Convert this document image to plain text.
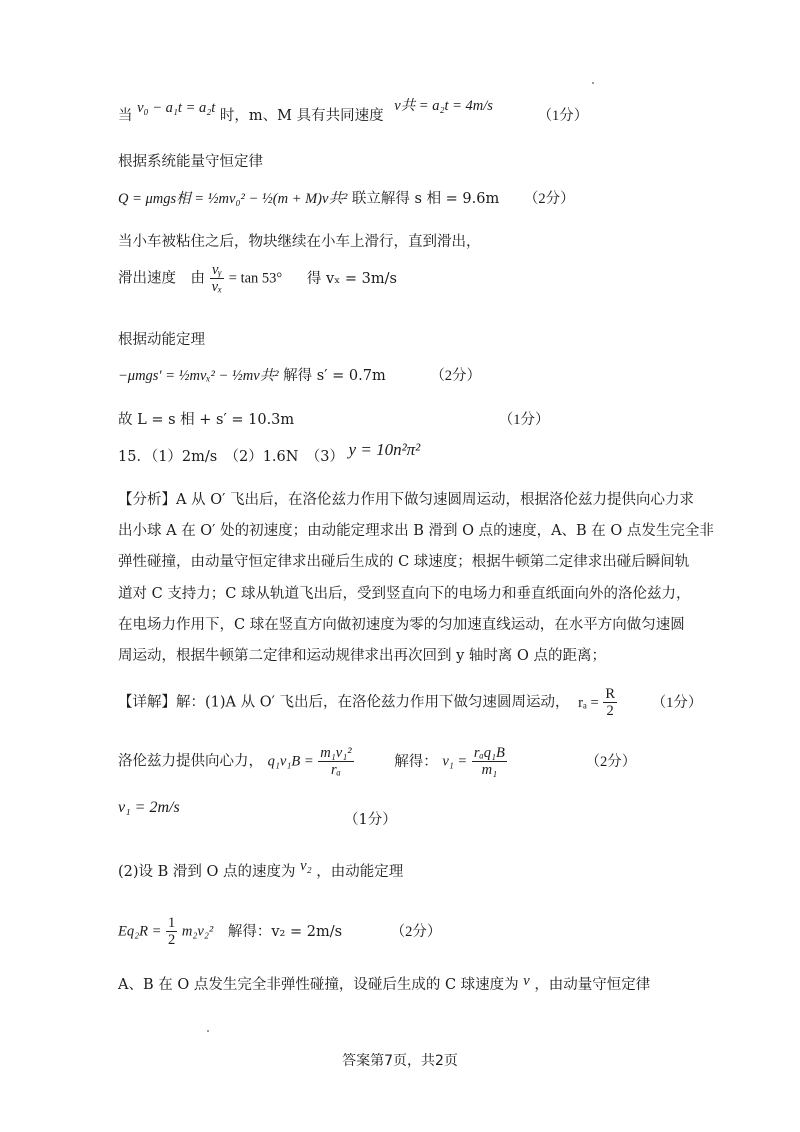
当 v₀ − a₁t = a₂t 时，m、M 具有共同速度 v共 = a₂t = 4m/s （1分）
根据系统能量守恒定律
Q = μmgs相 = ½mv₀² − ½(m + M)v共² 联立解得 s 相 = 9.6m （2分）
当小车被粘住之后，物块继续在小车上滑行，直到滑出，
滑出速度　由 $\frac{\text{vᵧ}}{\text{vₓ}} = \tan 53^\circ$ 得 vₓ = 3m/s
根据动能定理
−μmgs′ = ½mvₓ² − ½mv共² 解得 s′ = 0.7m	（2分）
故 L = s 相 + s′ = 10.3m	（1分）
15．（1）2m/s　（2）1.6N　（3） y = 10n²π²
【分析】A 从 O′ 飞出后，在洛伦兹力作用下做匀速圆周运动，根据洛伦兹力提供向心力求
出小球 A 在 O′ 处的初速度；由动能定理求出 B 滑到 O 点的速度，A、B 在 O 点发生完全非
弹性碰撞，由动量守恒定律求出碰后生成的 C 球速度；根据牛顿第二定律求出碰后瞬间轨
道对 C 支持力；C 球从轨道飞出后，受到竖直向下的电场力和垂直纸面向外的洛伦兹力，
在电场力作用下，C 球在竖直方向做初速度为零的匀加速直线运动，在水平方向做匀速圆
周运动，根据牛顿第二定律和运动规律求出再次回到 y 轴时离 O 点的距离；
【详解】解：(1)A 从 O′ 飞出后，在洛伦兹力作用下做匀速圆周运动， $r_a = \frac{R}{2} (1$分）
洛伦兹力提供向心力， $q_1v_1B = \frac{\text{m₁v₁²}}{\text{rₐ}}$	解得： $v_1 = \frac{\text{rₐq₁B}}{\text{m₁}}$	（2分）
v₁ = 2m/s
（1分）
(2)设 B 滑到 O 点的速度为 v₂ ，由动能定理
$Eq_2R = \frac{1}{2} m_2v_2^2$ 解得：v₂ = 2m/s	（2分）
A、B 在 O 点发生完全非弹性碰撞，设碰后生成的 C 球速度为 v ，由动量守恒定律
答案第7页，共2页
